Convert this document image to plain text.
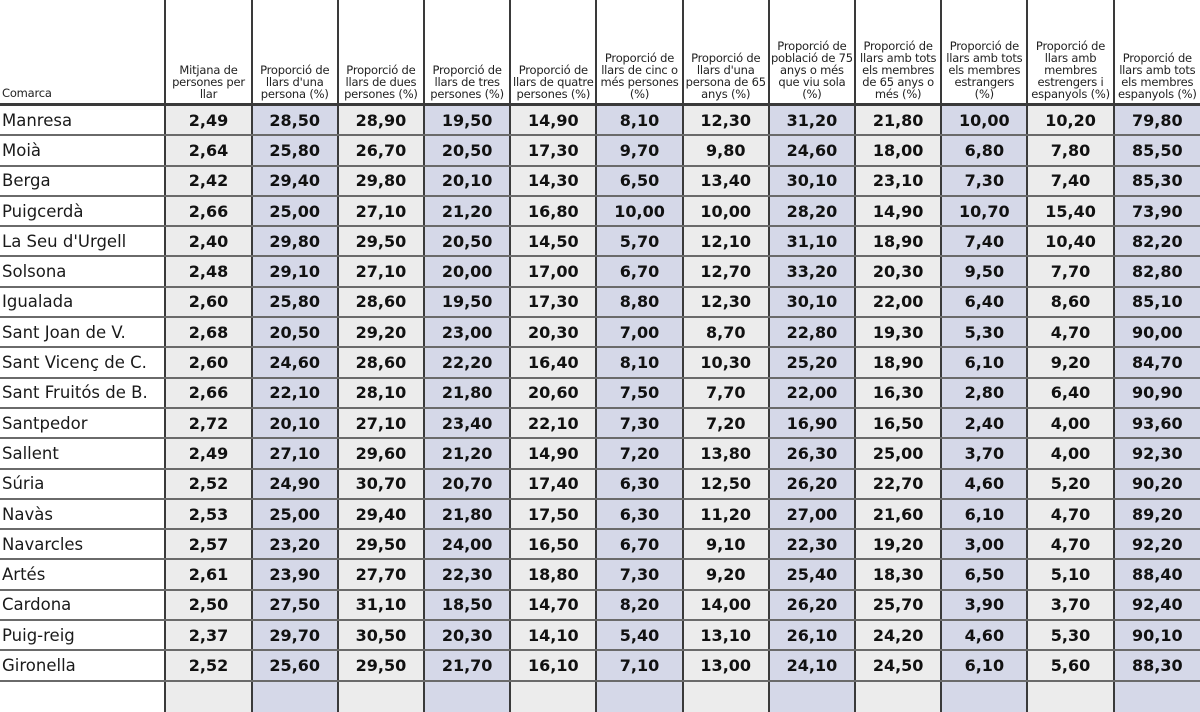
Comarca	Mitjana de persones per llar	Proporció de llars d'una persona (%)	Proporció de llars de dues persones (%)	Proporció de llars de tres persones (%)	Proporció de llars de quatre persones (%)	Proporció de llars de cinc o més persones (%)	Proporció de llars d'una persona de 65 anys (%)	Proporció de població de 75 anys o més que viu sola (%)	Proporció de llars amb tots els membres de 65 anys o més (%)	Proporció de llars amb tots els membres estrangers (%)	Proporció de llars amb membres estrengers i espanyols (%)	Proporció de llars amb tots els membres espanyols (%)
Manresa	2,49	28,50	28,90	19,50	14,90	8,10	12,30	31,20	21,80	10,00	10,20	79,80
Moià	2,64	25,80	26,70	20,50	17,30	9,70	9,80	24,60	18,00	6,80	7,80	85,50
Berga	2,42	29,40	29,80	20,10	14,30	6,50	13,40	30,10	23,10	7,30	7,40	85,30
Puigcerdà	2,66	25,00	27,10	21,20	16,80	10,00	10,00	28,20	14,90	10,70	15,40	73,90
La Seu d'Urgell	2,40	29,80	29,50	20,50	14,50	5,70	12,10	31,10	18,90	7,40	10,40	82,20
Solsona	2,48	29,10	27,10	20,00	17,00	6,70	12,70	33,20	20,30	9,50	7,70	82,80
Igualada	2,60	25,80	28,60	19,50	17,30	8,80	12,30	30,10	22,00	6,40	8,60	85,10
Sant Joan de V.	2,68	20,50	29,20	23,00	20,30	7,00	8,70	22,80	19,30	5,30	4,70	90,00
Sant Vicenç de C.	2,60	24,60	28,60	22,20	16,40	8,10	10,30	25,20	18,90	6,10	9,20	84,70
Sant Fruitós de B.	2,66	22,10	28,10	21,80	20,60	7,50	7,70	22,00	16,30	2,80	6,40	90,90
Santpedor	2,72	20,10	27,10	23,40	22,10	7,30	7,20	16,90	16,50	2,40	4,00	93,60
Sallent	2,49	27,10	29,60	21,20	14,90	7,20	13,80	26,30	25,00	3,70	4,00	92,30
Súria	2,52	24,90	30,70	20,70	17,40	6,30	12,50	26,20	22,70	4,60	5,20	90,20
Navàs	2,53	25,00	29,40	21,80	17,50	6,30	11,20	27,00	21,60	6,10	4,70	89,20
Navarcles	2,57	23,20	29,50	24,00	16,50	6,70	9,10	22,30	19,20	3,00	4,70	92,20
Artés	2,61	23,90	27,70	22,30	18,80	7,30	9,20	25,40	18,30	6,50	5,10	88,40
Cardona	2,50	27,50	31,10	18,50	14,70	8,20	14,00	26,20	25,70	3,90	3,70	92,40
Puig-reig	2,37	29,70	30,50	20,30	14,10	5,40	13,10	26,10	24,20	4,60	5,30	90,10
Gironella	2,52	25,60	29,50	21,70	16,10	7,10	13,00	24,10	24,50	6,10	5,60	88,30
